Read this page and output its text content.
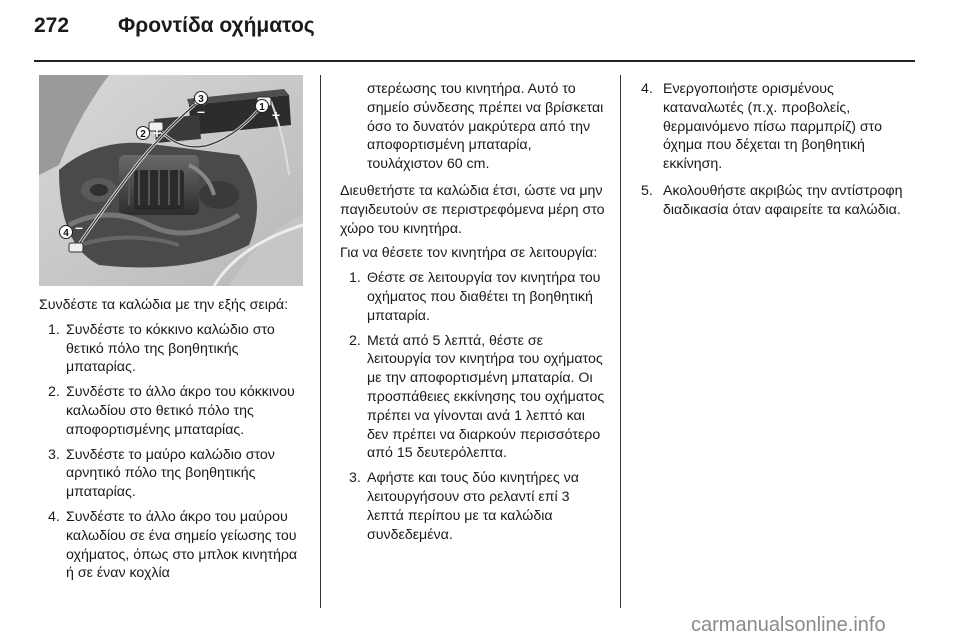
272 Φροντίδα οχήματος
3
–	1 +
2 +
4 –

Συνδέστε τα καλώδια με την εξής σειρά:

1. Συνδέστε το κόκκινο καλώδιο στο θετικό πόλο της βοηθητικής μπαταρίας.
2. Συνδέστε το άλλο άκρο του κόκκινου καλωδίου στο θετικό πόλο της αποφορτισμένης μπαταρίας.
3. Συνδέστε το μαύρο καλώδιο στον αρνητικό πόλο της βοηθητικής μπαταρίας.
4. Συνδέστε το άλλο άκρο του μαύρου καλωδίου σε ένα σημείο γείωσης του οχήματος, όπως στο μπλοκ κινητήρα ή σε έναν κοχλία

στερέωσης του κινητήρα. Αυτό το σημείο σύνδεσης πρέπει να βρίσκεται όσο το δυνατόν μακρύτερα από την αποφορτισμένη μπαταρία, τουλάχιστον 60 cm.

Διευθετήστε τα καλώδια έτσι, ώστε να μην παγιδευτούν σε περιστρεφόμενα μέρη στο χώρο του κινητήρα.

Για να θέσετε τον κινητήρα σε λειτουργία:

1. Θέστε σε λειτουργία τον κινητήρα του οχήματος που διαθέτει τη βοηθητική μπαταρία.
2. Μετά από 5 λεπτά, θέστε σε λειτουργία τον κινητήρα του οχήματος με την αποφορτισμένη μπαταρία. Οι προσπάθειες εκκίνησης του οχήματος πρέπει να γίνονται ανά 1 λεπτό και δεν πρέπει να διαρκούν περισσότερο από 15 δευτερόλεπτα.
3. Αφήστε και τους δύο κινητήρες να λειτουργήσουν στο ρελαντί επί 3 λεπτά περίπου με τα καλώδια συνδεδεμένα.
4. Ενεργοποιήστε ορισμένους καταναλωτές (π.χ. προβολείς, θερμαινόμενο πίσω παρμπρίζ) στο όχημα που δέχεται τη βοηθητική εκκίνηση.
5. Ακολουθήστε ακριβώς την αντίστροφη διαδικασία όταν αφαιρείτε τα καλώδια.
carmanualsonline.info
